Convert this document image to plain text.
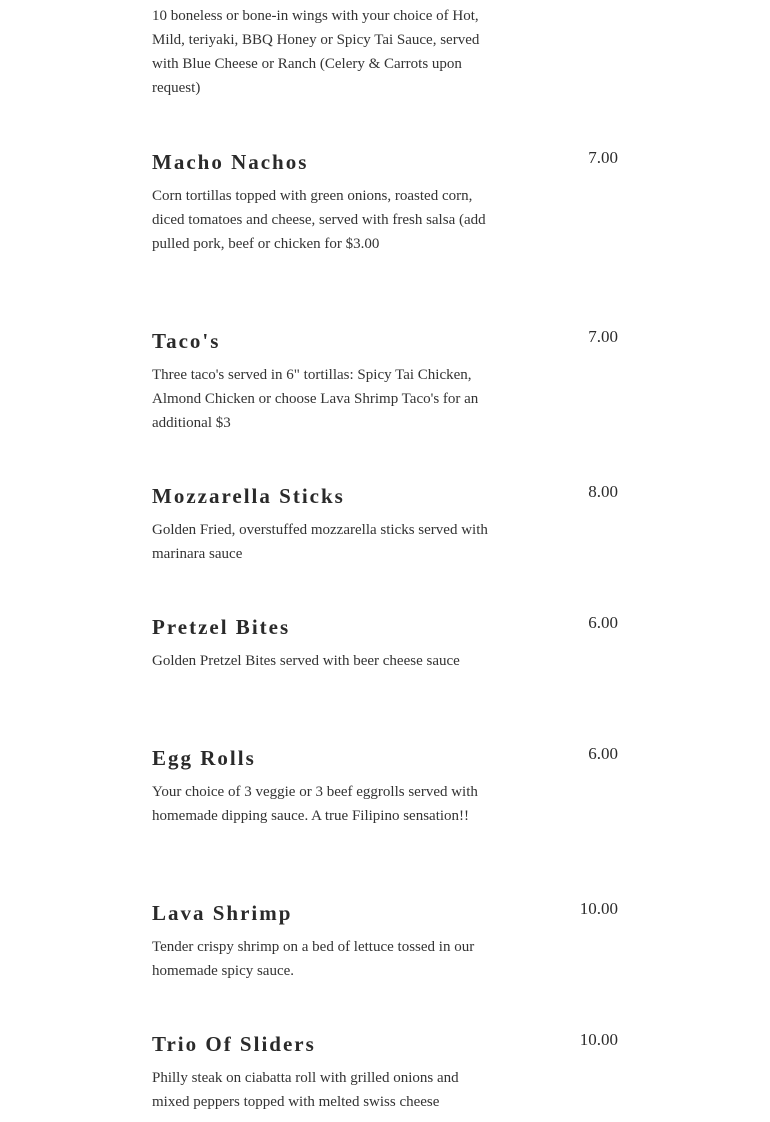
10 boneless or bone-in wings with your choice of Hot, Mild, teriyaki, BBQ Honey or Spicy Tai Sauce, served with Blue Cheese or Ranch (Celery & Carrots upon request)

Macho Nachos	7.00

Corn tortillas topped with green onions, roasted corn, diced tomatoes and cheese, served with fresh salsa (add pulled pork, beef or chicken for $3.00

Taco's	7.00

Three taco's served in 6" tortillas: Spicy Tai Chicken, Almond Chicken or choose Lava Shrimp Taco's for an additional $3

Mozzarella Sticks	8.00

Golden Fried, overstuffed mozzarella sticks served with marinara sauce

Pretzel Bites	6.00

Golden Pretzel Bites served with beer cheese sauce

Egg Rolls	6.00

Your choice of 3 veggie or 3 beef eggrolls served with homemade dipping sauce. A true Filipino sensation!!

Lava Shrimp	10.00

Tender crispy shrimp on a bed of lettuce tossed in our homemade spicy sauce.

Trio Of Sliders	10.00

Philly steak on ciabatta roll with grilled onions and mixed peppers topped with melted swiss cheese
